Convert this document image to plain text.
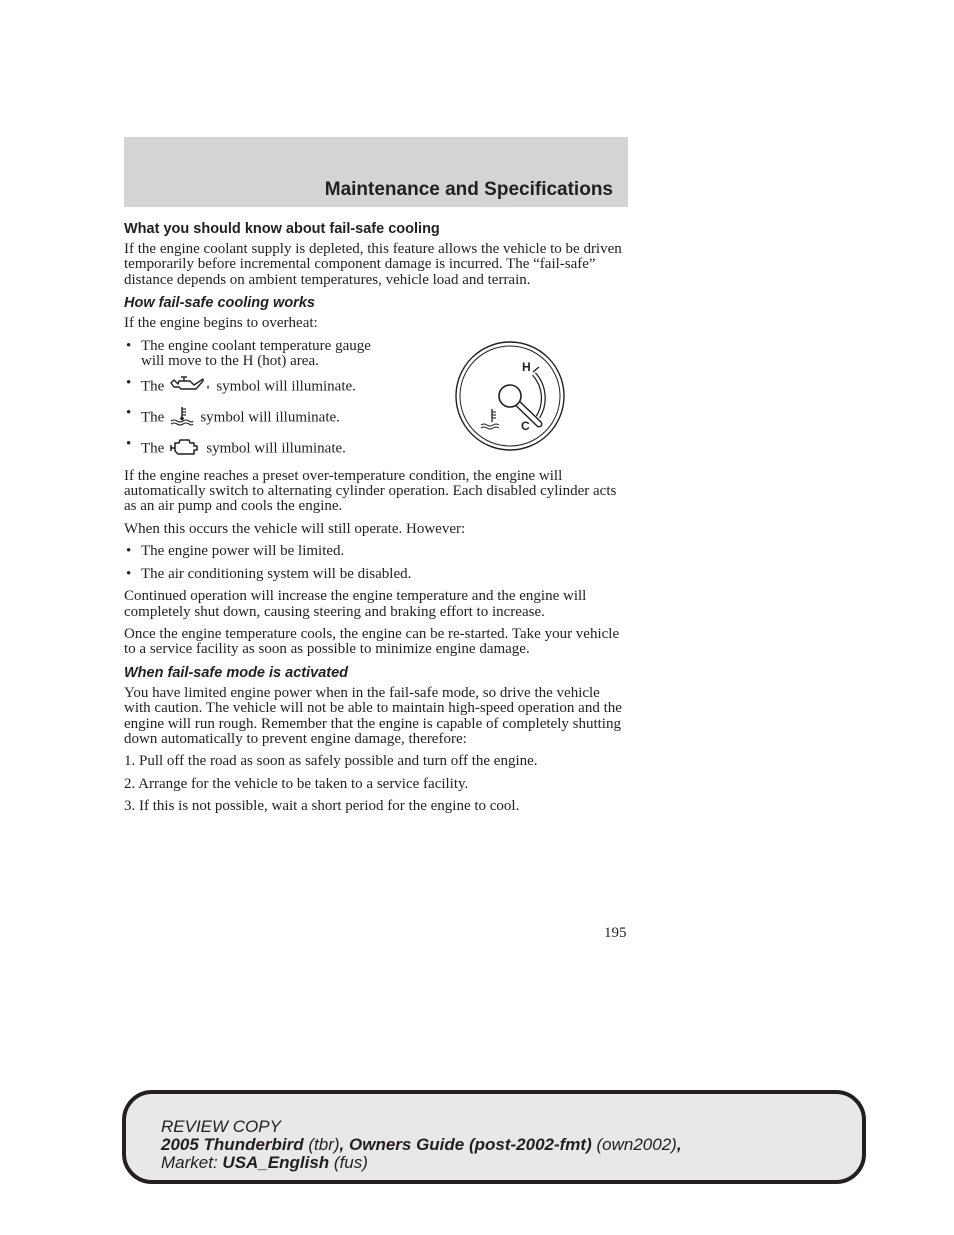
Maintenance and Specifications
What you should know about fail-safe cooling

If the engine coolant supply is depleted, this feature allows the vehicle to be driven temporarily before incremental component damage is incurred. The “fail-safe” distance depends on ambient temperatures, vehicle load and terrain.

How fail-safe cooling works

If the engine begins to overheat:

• The engine coolant temperature gauge will move to the H (hot) area.
• The	symbol will illuminate.
• The symbol will illuminate.
• The	symbol will illuminate.

If the engine reaches a preset over-temperature condition, the engine will automatically switch to alternating cylinder operation. Each disabled cylinder acts as an air pump and cools the engine.

When this occurs the vehicle will still operate. However:

• The engine power will be limited.
• The air conditioning system will be disabled.

Continued operation will increase the engine temperature and the engine will completely shut down, causing steering and braking effort to increase.

Once the engine temperature cools, the engine can be re-started. Take your vehicle to a service facility as soon as possible to minimize engine damage.

When fail-safe mode is activated

You have limited engine power when in the fail-safe mode, so drive the vehicle with caution. The vehicle will not be able to maintain high-speed operation and the engine will run rough. Remember that the engine is capable of completely shutting down automatically to prevent engine damage, therefore:

1. Pull off the road as soon as safely possible and turn off the engine.
2. Arrange for the vehicle to be taken to a service facility.
3. If this is not possible, wait a short period for the engine to cool.
H
C
195
REVIEW COPY
2005 Thunderbird (tbr), Owners Guide (post-2002-fmt) (own2002),
Market: USA_English (fus)
